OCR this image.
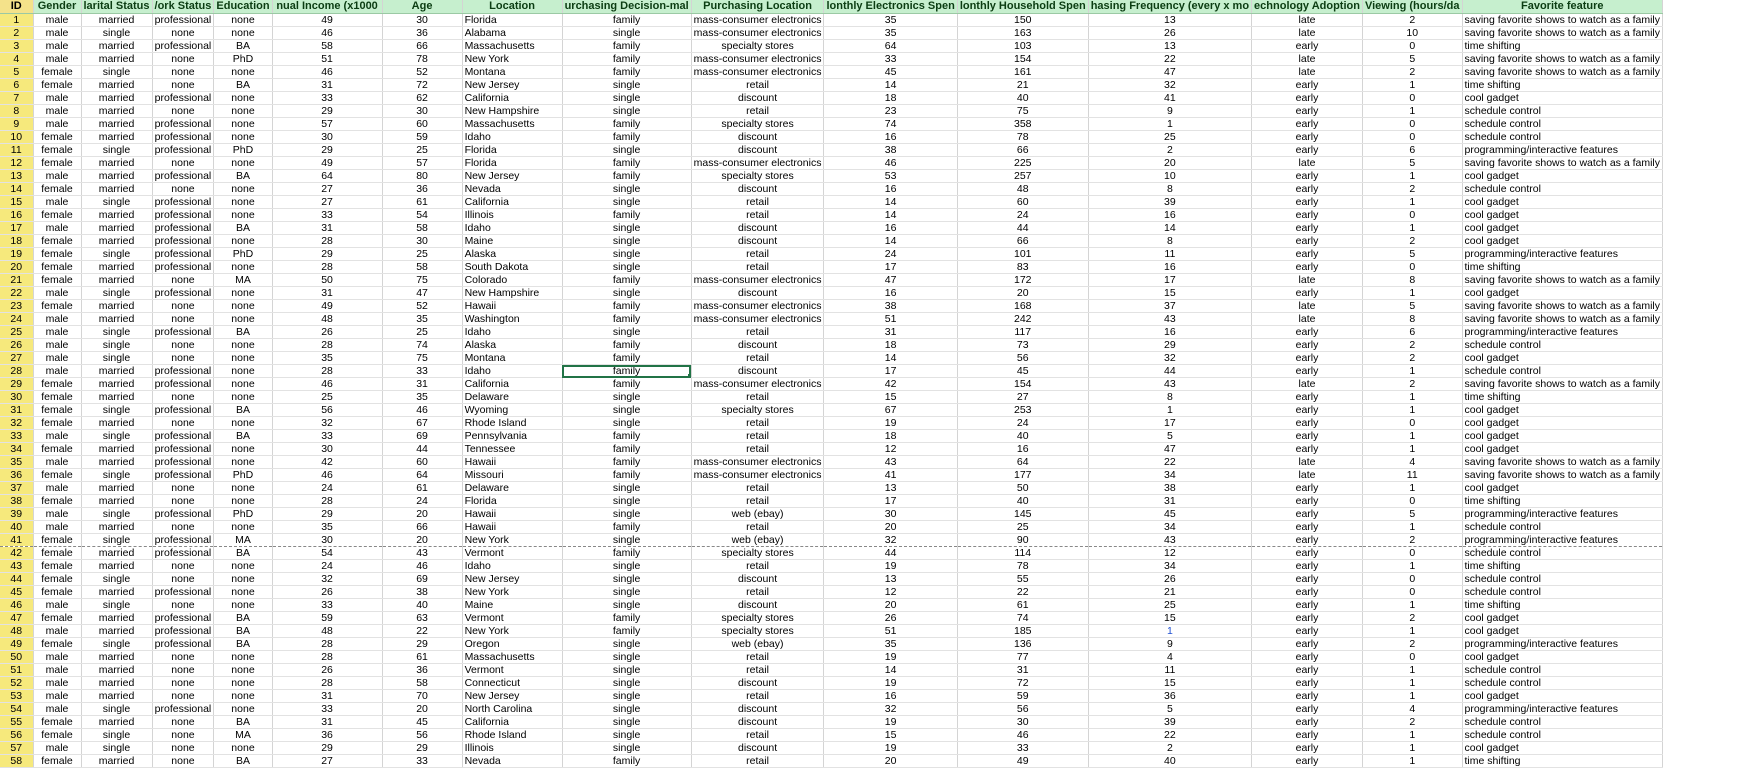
ID	Gender	larital Status	/ork Status	Education	nual Income (x1000	Age	Location	urchasing Decision-mal	Purchasing Location	lonthly Electronics Spen	lonthly Household Spen	hasing Frequency (every x mo	echnology Adoption	Viewing (hours/da	Favorite feature
1	male	married	professional	none	49	30	Florida	family	mass-consumer electronics	35	150	13	late	2	saving favorite shows to watch as a family
2	male	single	none	none	46	36	Alabama	single	mass-consumer electronics	35	163	26	late	10	saving favorite shows to watch as a family
3	male	married	professional	BA	58	66	Massachusetts	family	specialty stores	64	103	13	early	0	time shifting
4	male	married	none	PhD	51	78	New York	family	mass-consumer electronics	33	154	22	late	5	saving favorite shows to watch as a family
5	female	single	none	none	46	52	Montana	family	mass-consumer electronics	45	161	47	late	2	saving favorite shows to watch as a family
6	female	married	none	BA	31	72	New Jersey	single	retail	14	21	32	early	1	time shifting
7	male	married	professional	none	33	62	California	single	discount	18	40	41	early	0	cool gadget
8	male	married	none	none	29	30	New Hampshire	single	retail	23	75	9	early	1	schedule control
9	male	married	professional	none	57	60	Massachusetts	family	specialty stores	74	358	1	early	0	schedule control
10	female	married	professional	none	30	59	Idaho	family	discount	16	78	25	early	0	schedule control
11	female	single	professional	PhD	29	25	Florida	single	discount	38	66	2	early	6	programming/interactive features
12	female	married	none	none	49	57	Florida	family	mass-consumer electronics	46	225	20	late	5	saving favorite shows to watch as a family
13	male	married	professional	BA	64	80	New Jersey	family	specialty stores	53	257	10	early	1	cool gadget
14	female	married	none	none	27	36	Nevada	single	discount	16	48	8	early	2	schedule control
15	male	single	professional	none	27	61	California	single	retail	14	60	39	early	1	cool gadget
16	female	married	professional	none	33	54	Illinois	family	retail	14	24	16	early	0	cool gadget
17	male	married	professional	BA	31	58	Idaho	single	discount	16	44	14	early	1	cool gadget
18	female	married	professional	none	28	30	Maine	single	discount	14	66	8	early	2	cool gadget
19	female	single	professional	PhD	29	25	Alaska	single	retail	24	101	11	early	5	programming/interactive features
20	female	married	professional	none	28	58	South Dakota	single	retail	17	83	16	early	0	time shifting
21	female	married	none	MA	50	75	Colorado	family	mass-consumer electronics	47	172	17	late	8	saving favorite shows to watch as a family
22	male	single	professional	none	31	47	New Hampshire	single	discount	16	20	15	early	1	cool gadget
23	female	married	none	none	49	52	Hawaii	family	mass-consumer electronics	38	168	37	late	5	saving favorite shows to watch as a family
24	male	married	none	none	48	35	Washington	family	mass-consumer electronics	51	242	43	late	8	saving favorite shows to watch as a family
25	male	single	professional	BA	26	25	Idaho	single	retail	31	117	16	early	6	programming/interactive features
26	male	single	none	none	28	74	Alaska	family	discount	18	73	29	early	2	schedule control
27	male	single	none	none	35	75	Montana	family	retail	14	56	32	early	2	cool gadget
28	male	married	professional	none	28	33	Idaho	family	discount	17	45	44	early	1	schedule control
29	female	married	professional	none	46	31	California	family	mass-consumer electronics	42	154	43	late	2	saving favorite shows to watch as a family
30	female	married	none	none	25	35	Delaware	single	retail	15	27	8	early	1	time shifting
31	female	single	professional	BA	56	46	Wyoming	single	specialty stores	67	253	1	early	1	cool gadget
32	female	married	none	none	32	67	Rhode Island	single	retail	19	24	17	early	0	cool gadget
33	male	single	professional	BA	33	69	Pennsylvania	family	retail	18	40	5	early	1	cool gadget
34	female	married	professional	none	30	44	Tennessee	family	retail	12	16	47	early	1	cool gadget
35	male	married	professional	none	42	60	Hawaii	family	mass-consumer electronics	43	64	22	late	4	saving favorite shows to watch as a family
36	female	single	professional	PhD	46	64	Missouri	family	mass-consumer electronics	41	177	34	late	11	saving favorite shows to watch as a family
37	male	married	none	none	24	61	Delaware	single	retail	13	50	38	early	1	cool gadget
38	female	married	none	none	28	24	Florida	single	retail	17	40	31	early	0	time shifting
39	male	single	professional	PhD	29	20	Hawaii	single	web (ebay)	30	145	45	early	5	programming/interactive features
40	male	married	none	none	35	66	Hawaii	family	retail	20	25	34	early	1	schedule control
41	female	single	professional	MA	30	20	New York	single	web (ebay)	32	90	43	early	2	programming/interactive features
42	female	married	professional	BA	54	43	Vermont	family	specialty stores	44	114	12	early	0	schedule control
43	female	married	none	none	24	46	Idaho	single	retail	19	78	34	early	1	time shifting
44	female	single	none	none	32	69	New Jersey	single	discount	13	55	26	early	0	schedule control
45	female	married	professional	none	26	38	New York	single	retail	12	22	21	early	0	schedule control
46	male	single	none	none	33	40	Maine	single	discount	20	61	25	early	1	time shifting
47	female	married	professional	BA	59	63	Vermont	family	specialty stores	26	74	15	early	2	cool gadget
48	male	married	professional	BA	48	22	New York	family	specialty stores	51	185	1	early	1	cool gadget
49	female	single	professional	BA	28	29	Oregon	single	web (ebay)	35	136	9	early	2	programming/interactive features
50	male	married	none	none	28	61	Massachusetts	single	retail	19	77	4	early	0	cool gadget
51	male	married	none	none	26	36	Vermont	single	retail	14	31	11	early	1	schedule control
52	male	married	none	none	28	58	Connecticut	single	discount	19	72	15	early	1	schedule control
53	male	married	none	none	31	70	New Jersey	single	retail	16	59	36	early	1	cool gadget
54	male	single	professional	none	33	20	North Carolina	single	discount	32	56	5	early	4	programming/interactive features
55	female	married	none	BA	31	45	California	single	discount	19	30	39	early	2	schedule control
56	female	single	none	MA	36	56	Rhode Island	single	retail	15	46	22	early	1	schedule control
57	male	single	none	none	29	29	Illinois	single	discount	19	33	2	early	1	cool gadget
58	female	married	none	BA	27	33	Nevada	family	retail	20	49	40	early	1	time shifting
